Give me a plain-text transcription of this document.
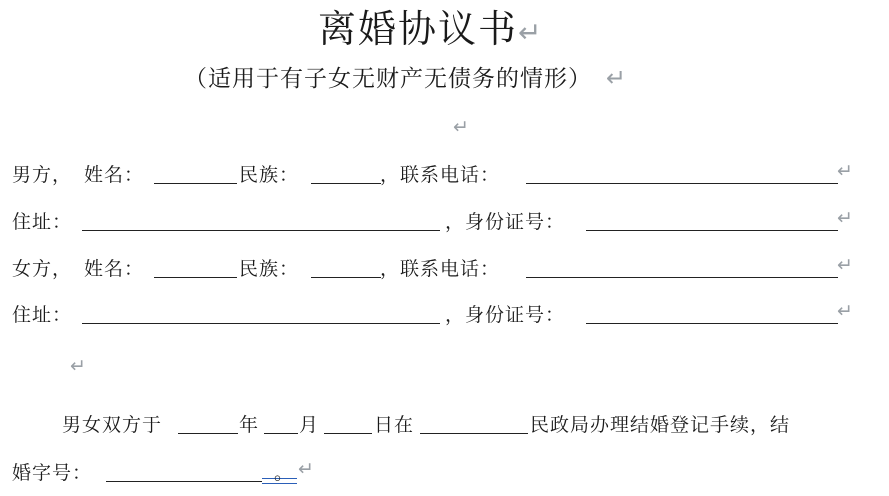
离婚协议书↵
（适用于有子女无财产无债务的情形） ↵
↵
男方， 姓名：	民族：	，联系电话：	↵
住址：	，身份证号：	↵
女方， 姓名：	民族：	，联系电话：	↵
住址：	，身份证号：	↵
↵
男女双方于	年 月	日在	民政局办理结婚登记手续，结
婚字号：	。 ↵
